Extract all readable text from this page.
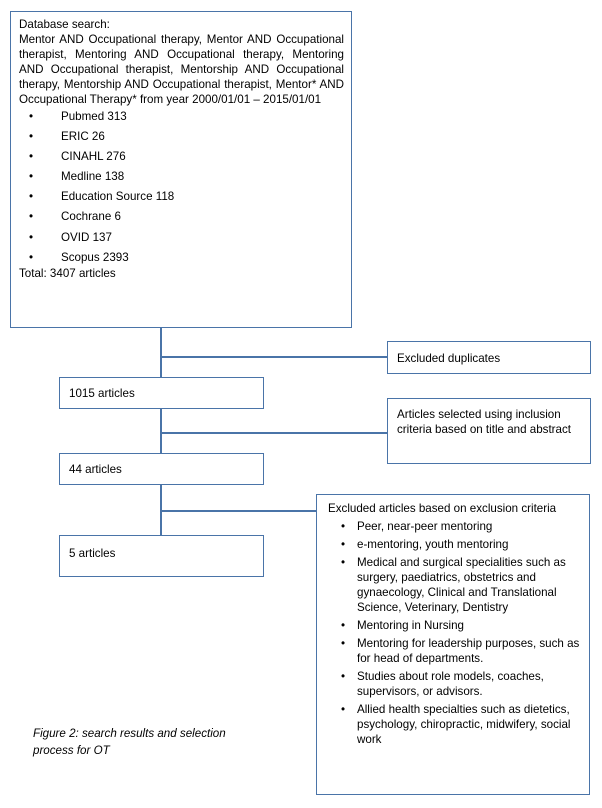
Database search:
Mentor AND Occupational therapy, Mentor AND Occupational therapist, Mentoring AND Occupational therapy, Mentoring AND Occupational therapist, Mentorship AND Occupational therapy, Mentorship AND Occupational therapist, Mentor* AND Occupational Therapy* from year 2000/01/01 – 2015/01/01
• Pubmed 313
• ERIC 26
• CINAHL 276
• Medline 138
• Education Source 118
• Cochrane 6
• OVID 137
• Scopus 2393
Total: 3407 articles
Excluded duplicates
1015 articles
Articles selected using inclusion criteria based on title and abstract
44 articles
Excluded articles based on exclusion criteria
• Peer, near-peer mentoring
• e-mentoring, youth mentoring
• Medical and surgical specialities such as surgery, paediatrics, obstetrics and gynaecology, Clinical and Translational Science, Veterinary, Dentistry
• Mentoring in Nursing
• Mentoring for leadership purposes, such as for head of departments.
• Studies about role models, coaches, supervisors, or advisors.
• Allied health specialties such as dietetics, psychology, chiropractic, midwifery, social work
5 articles
Figure 2: search results and selection process for OT
